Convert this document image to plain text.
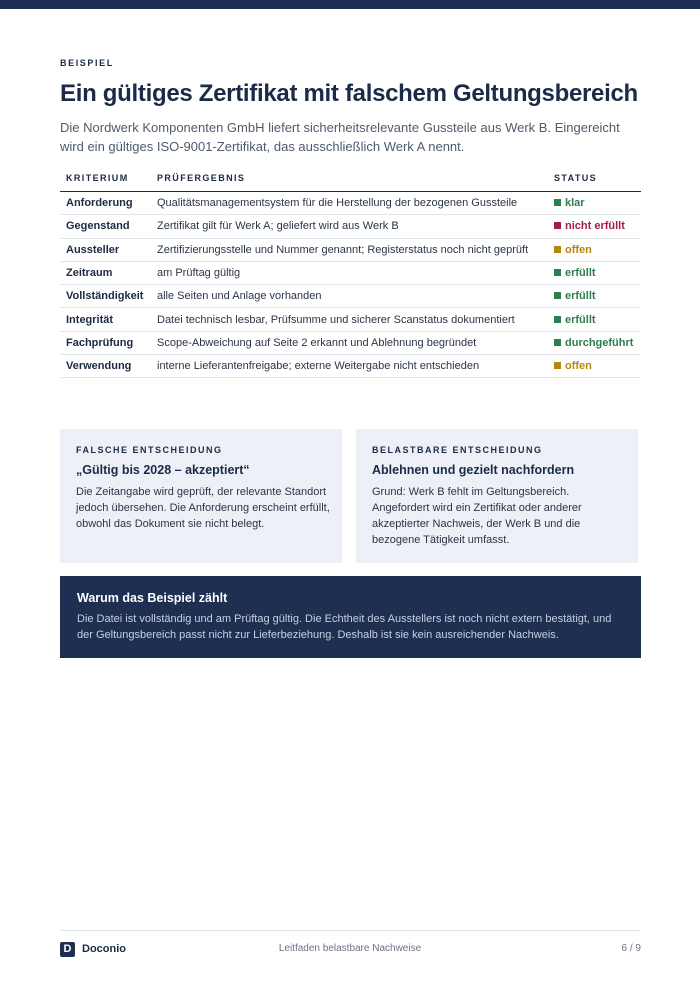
BEISPIEL
Ein gültiges Zertifikat mit falschem Geltungsbereich

Die Nordwerk Komponenten GmbH liefert sicherheitsrelevante Gussteile aus Werk B. Eingereicht wird ein gültiges ISO-9001-Zertifikat, das ausschließlich Werk A nennt.

KRITERIUM	PRÜFERGEBNIS	STATUS
Anforderung	Qualitätsmanagementsystem für die Herstellung der bezogenen Gussteile	klar
Gegenstand	Zertifikat gilt für Werk A; geliefert wird aus Werk B	nicht erfüllt
Aussteller	Zertifizierungsstelle und Nummer genannt; Registerstatus noch nicht geprüft	offen
Zeitraum	am Prüftag gültig	erfüllt
Vollständigkeit	alle Seiten und Anlage vorhanden	erfüllt
Integrität	Datei technisch lesbar, Prüfsumme und sicherer Scanstatus dokumentiert	erfüllt
Fachprüfung	Scope-Abweichung auf Seite 2 erkannt und Ablehnung begründet	durchgeführt
Verwendung	interne Lieferantenfreigabe; externe Weitergabe nicht entschieden	offen
FALSCHE ENTSCHEIDUNG
„Gültig bis 2028 – akzeptiert“
Die Zeitangabe wird geprüft, der relevante Standort jedoch übersehen. Die Anforderung erscheint erfüllt, obwohl das Dokument sie nicht belegt.
BELASTBARE ENTSCHEIDUNG
Ablehnen und gezielt nachfordern
Grund: Werk B fehlt im Geltungsbereich. Angefordert wird ein Zertifikat oder anderer akzeptierter Nachweis, der Werk B und die bezogene Tätigkeit umfasst.
Warum das Beispiel zählt
Die Datei ist vollständig und am Prüftag gültig. Die Echtheit des Ausstellers ist noch nicht extern bestätigt, und der Geltungsbereich passt nicht zur Lieferbeziehung. Deshalb ist sie kein ausreichender Nachweis.
D Doconio	Leitfaden belastbare Nachweise	6 / 9
